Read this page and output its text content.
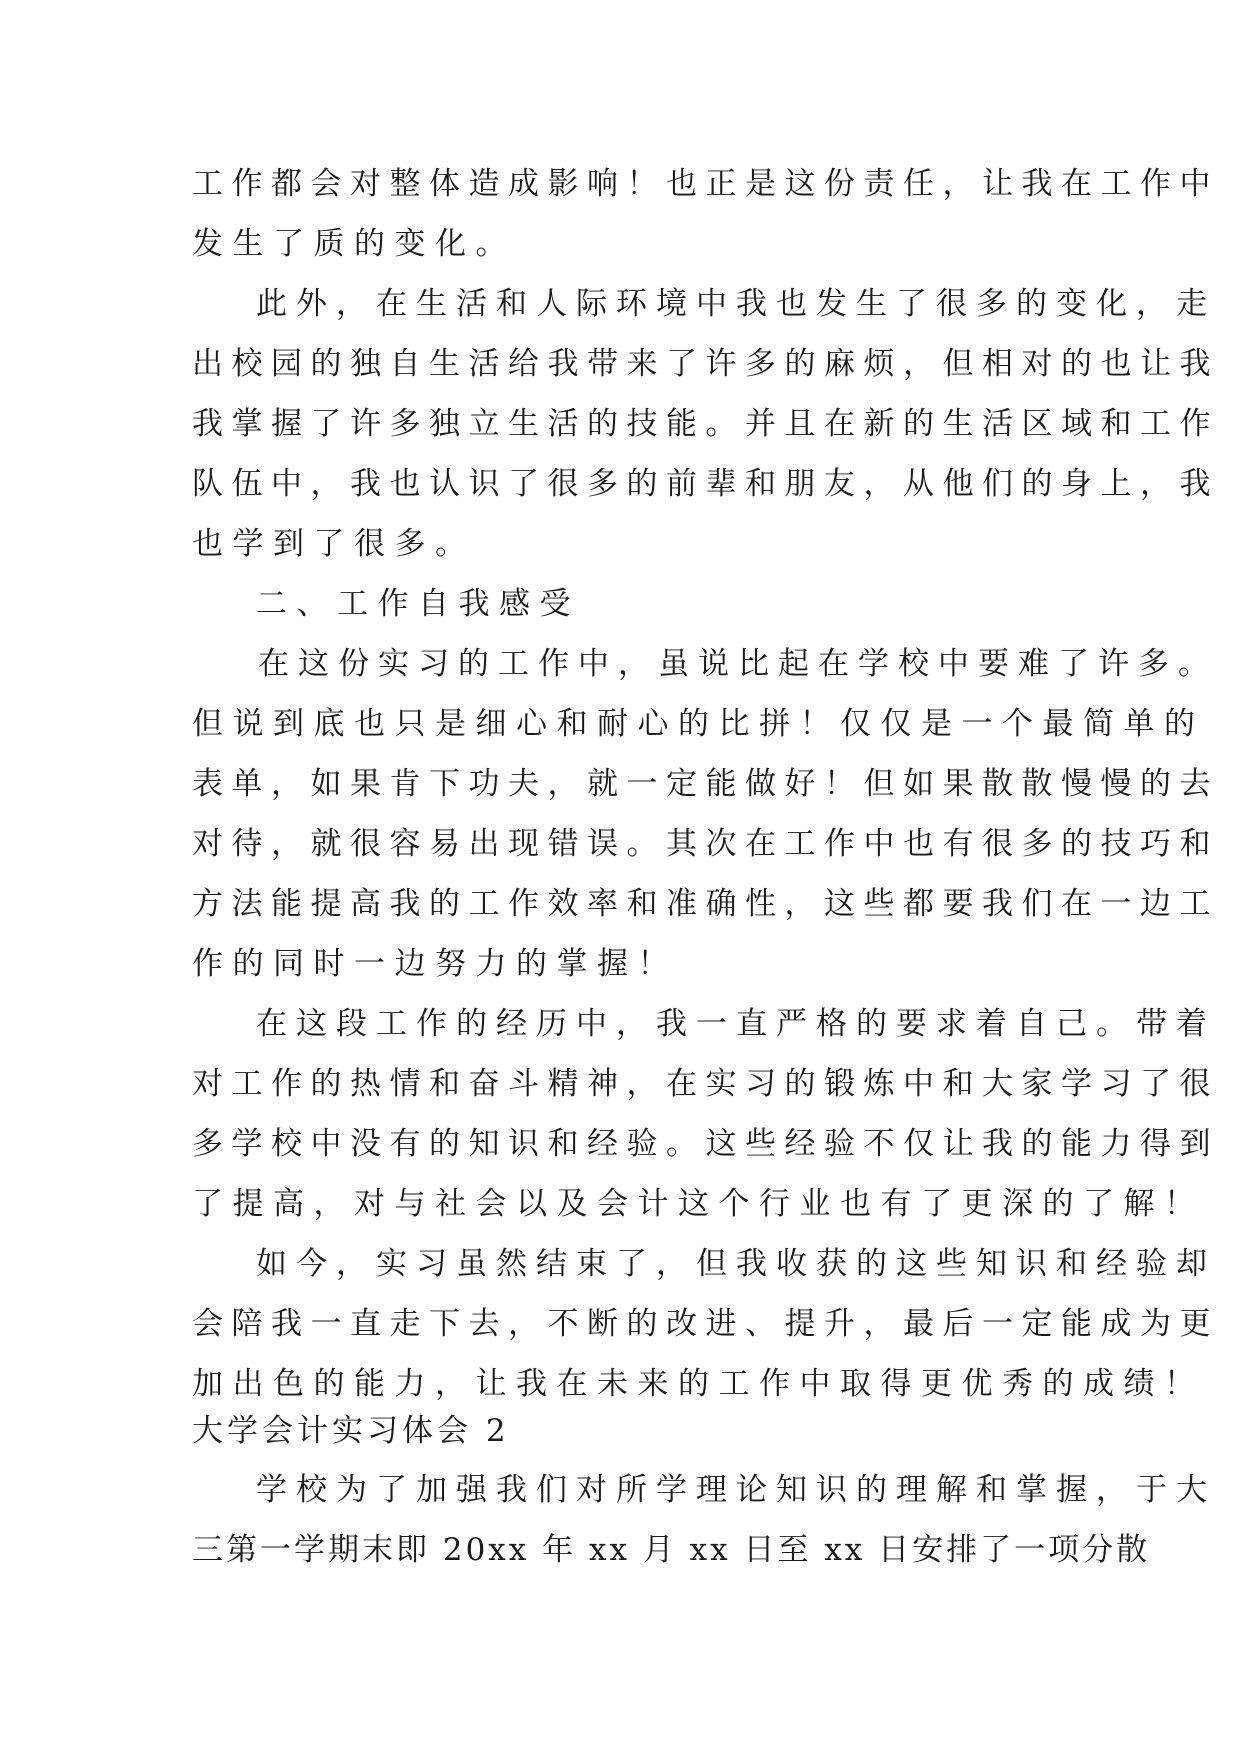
工作都会对整体造成影响！也正是这份责任，让我在工作中
发生了质的变化。
此外，在生活和人际环境中我也发生了很多的变化，走
出校园的独自生活给我带来了许多的麻烦，但相对的也让我
我掌握了许多独立生活的技能。并且在新的生活区域和工作
队伍中，我也认识了很多的前辈和朋友，从他们的身上，我
也学到了很多。
二、工作自我感受
在这份实习的工作中，虽说比起在学校中要难了许多。
但说到底也只是细心和耐心的比拼！仅仅是一个最简单的
表单，如果肯下功夫，就一定能做好！但如果散散慢慢的去
对待，就很容易出现错误。其次在工作中也有很多的技巧和
方法能提高我的工作效率和准确性，这些都要我们在一边工
作的同时一边努力的掌握！
在这段工作的经历中，我一直严格的要求着自己。带着
对工作的热情和奋斗精神，在实习的锻炼中和大家学习了很
多学校中没有的知识和经验。这些经验不仅让我的能力得到
了提高，对与社会以及会计这个行业也有了更深的了解！
如今，实习虽然结束了，但我收获的这些知识和经验却
会陪我一直走下去，不断的改进、提升，最后一定能成为更
加出色的能力，让我在未来的工作中取得更优秀的成绩！
大学会计实习体会 2
学校为了加强我们对所学理论知识的理解和掌握，于大
三第一学期末即 20xx 年 xx 月 xx 日至 xx 日安排了一项分散
